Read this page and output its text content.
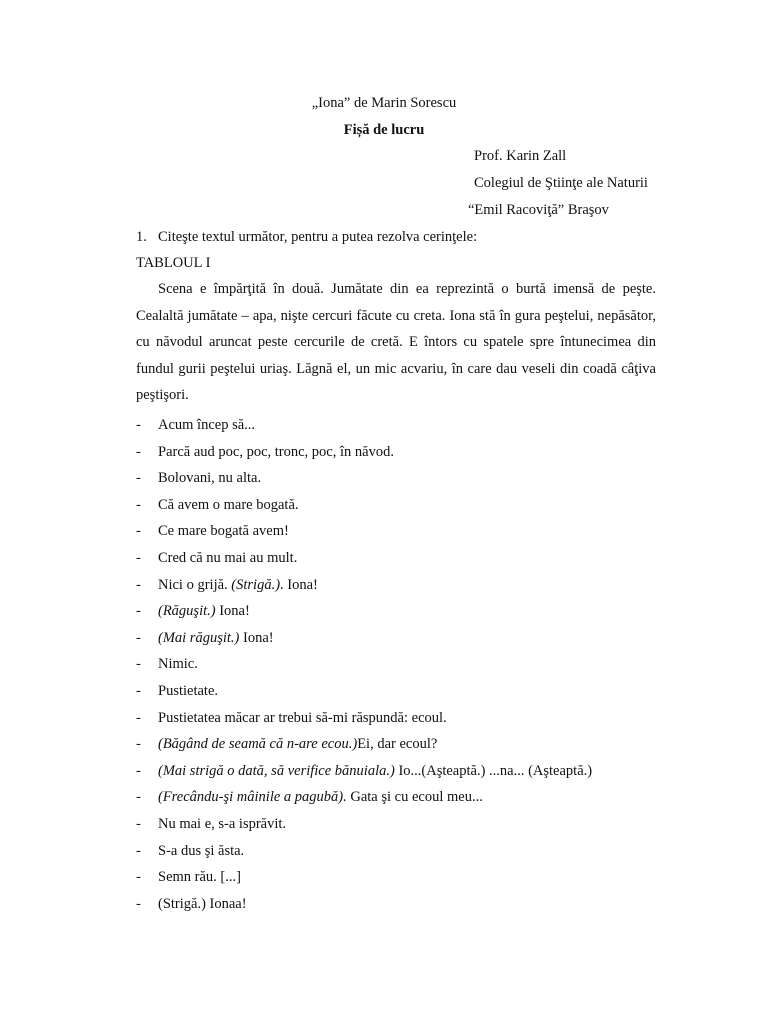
„Iona” de Marin Sorescu
Fișă de lucru
Prof. Karin Zall
Colegiul de Ştiinţe ale Naturii
“Emil Racoviţă” Braşov
1. Citeşte textul următor, pentru a putea rezolva cerinţele:
TABLOUL I
Scena e împărţită în două. Jumătate din ea reprezintă o burtă imensă de peşte. Cealaltă jumătate – apa, nişte cercuri făcute cu creta. Iona stă în gura peştelui, nepăsător, cu năvodul aruncat peste cercurile de cretă. E întors cu spatele spre întunecimea din fundul gurii peştelui uriaş. Lăgnă el, un mic acvariu, în care dau veseli din coadă câţiva peştişori.
- Acum încep să...
- Parcă aud poc, poc, tronc, poc, în năvod.
- Bolovani, nu alta.
- Că avem o mare bogată.
- Ce mare bogată avem!
- Cred că nu mai au mult.
- Nici o grijă. (Strigă.). Iona!
- (Răguşit.) Iona!
- (Mai răguşit.) Iona!
- Nimic.
- Pustietate.
- Pustietatea măcar ar trebui să-mi răspundă: ecoul.
- (Băgând de seamă că n-are ecou.)Ei, dar ecoul?
- (Mai strigă o dată, să verifice bănuiala.) Io...(Aşteaptă.) ...na... (Aşteaptă.)
- (Frecându-şi mâinile a pagubă). Gata şi cu ecoul meu...
- Nu mai e, s-a isprăvit.
- S-a dus şi ăsta.
- Semn rău. [...]
- (Strigă.) Ionaa!
